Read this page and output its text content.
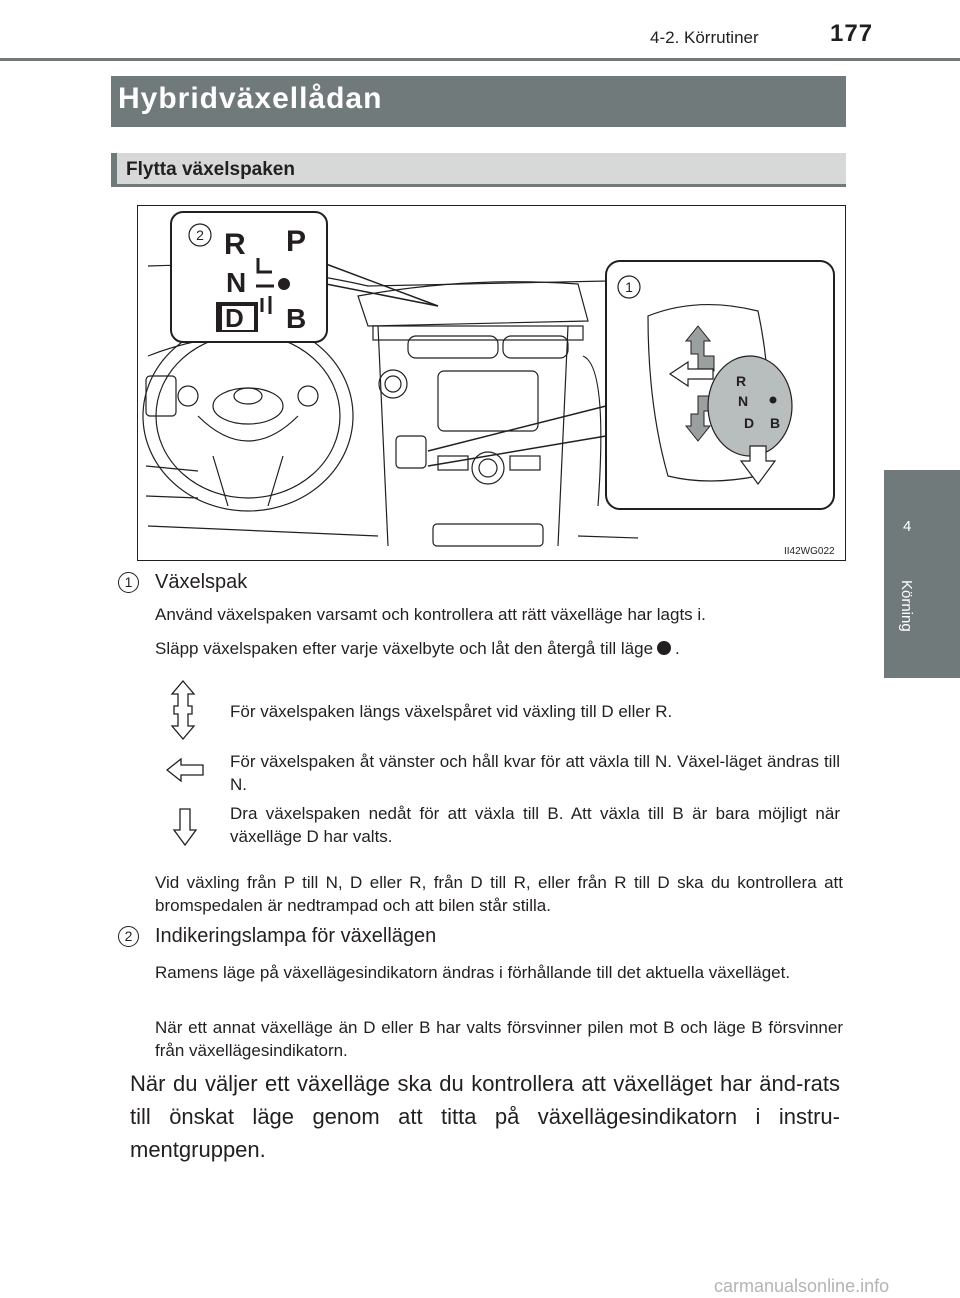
4-2. Körrutiner	177
4
Körning
Hybridväxellådan
Flytta växelspaken
2 R P
N
D B
1
R
N
D B
II42WG022
1	Växelspak
Använd växelspaken varsamt och kontrollera att rätt växelläge har lagts i.
Släpp växelspaken efter varje växelbyte och låt den återgå till läge .
För växelspaken längs växelspåret vid växling till D eller R.
För växelspaken åt vänster och håll kvar för att växla till N. Växel-läget ändras till N.
Dra växelspaken nedåt för att växla till B. Att växla till B är bara möjligt när växelläge D har valts.
Vid växling från P till N, D eller R, från D till R, eller från R till D ska du kontrollera att bromspedalen är nedtrampad och att bilen står stilla.
2	Indikeringslampa för växellägen
Ramens läge på växellägesindikatorn ändras i förhållande till det aktuella växelläget.
När ett annat växelläge än D eller B har valts försvinner pilen mot B och läge B försvinner från växellägesindikatorn.
När du väljer ett växelläge ska du kontrollera att växelläget har änd-rats till önskat läge genom att titta på växellägesindikatorn i instru-mentgruppen.
carmanualsonline.info
